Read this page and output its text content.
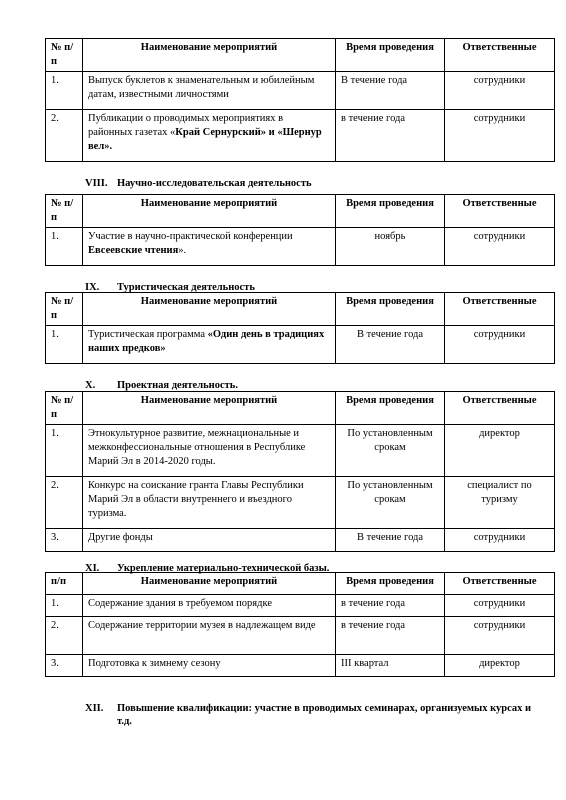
№ п/п	Наименование мероприятий	Время проведения	Ответственные
1.	Выпуск буклетов к знаменательным и юбилейным датам, известными личностями	В течение года	сотрудники
2.	Публикации о проводимых мероприятиях в районных газетах «Край Сернурский» и «Шернур вел».	в течение года	сотрудники

VIII. Научно-исследовательская деятельность

№ п/п	Наименование мероприятий	Время проведения	Ответственные
1.	Участие в научно-практической конференции Евсеевские чтения».	ноябрь	сотрудники

IX. Туристическая деятельность

№ п/п	Наименование мероприятий	Время проведения	Ответственные
1.	Туристическая программа «Один день в традициях наших предков»	В течение года	сотрудники

X. Проектная деятельность.

№ п/п	Наименование мероприятий	Время проведения	Ответственные
1.	Этнокультурное развитие, межнациональные и межконфессиональные отношения в Республике Марий Эл в 2014-2020 годы.	По установленным срокам	директор
2.	Конкурс на соискание гранта Главы Республики Марий Эл в области внутреннего и въездного туризма.	По установленным срокам	специалист по туризму
3.	Другие фонды	В течение года	сотрудники

XI. Укрепление материально-технической базы.

п/п	Наименование мероприятий	Время проведения	Ответственные
1.	Содержание здания в требуемом порядке	в течение года	сотрудники
2.	Содержание территории музея в надлежащем виде	в течение года	сотрудники
3.	Подготовка к зимнему сезону	III квартал	директор

XII.	Повышение квалификации: участие в проводимых семинарах, организуемых курсах и т.д.
